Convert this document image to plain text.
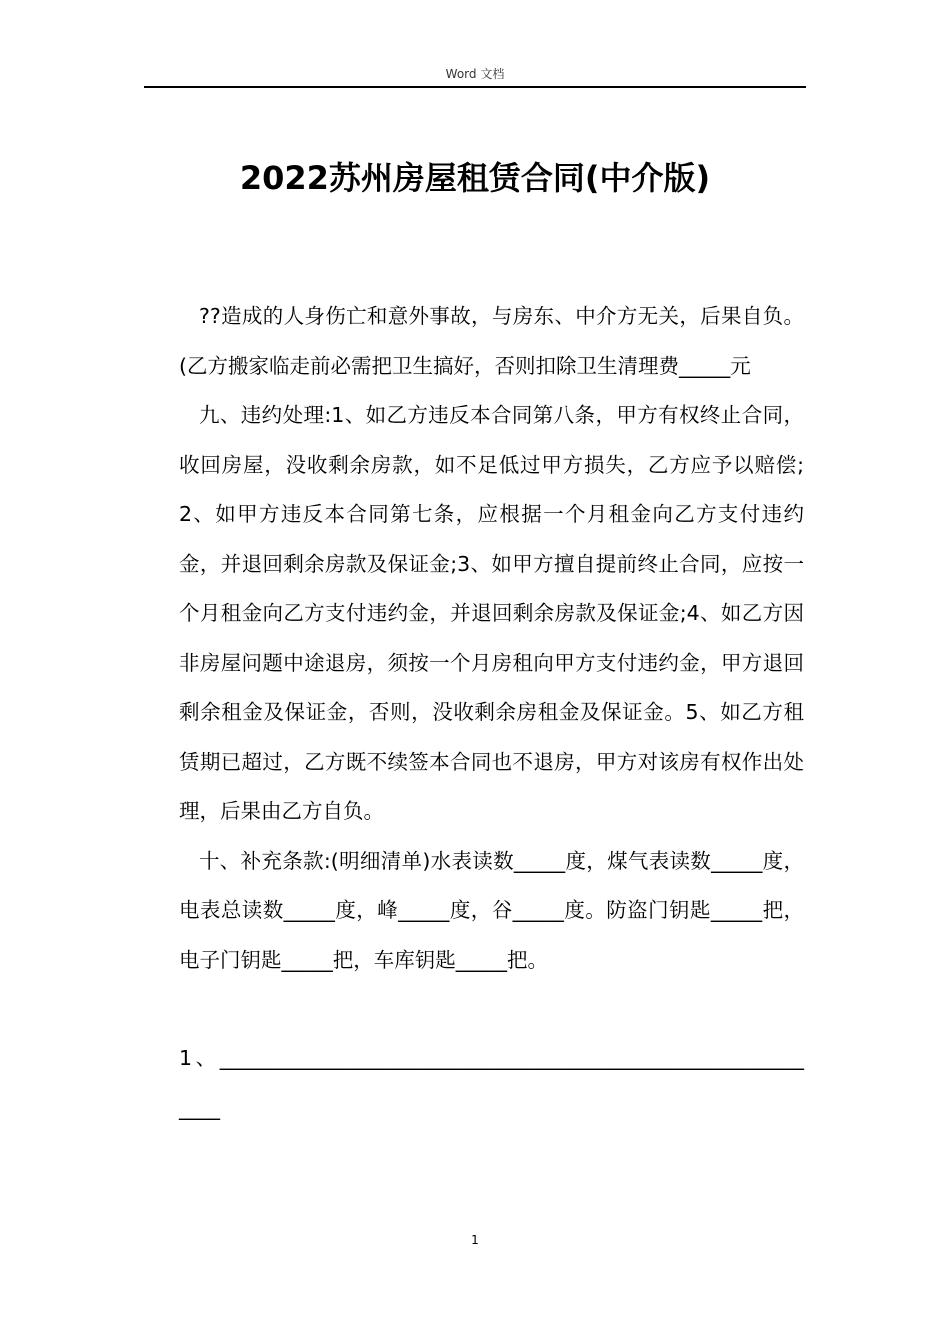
Word 文档
2022苏州房屋租赁合同(中介版)

??造成的人身伤亡和意外事故，与房东、中介方无关，后果自负。(乙方搬家临走前必需把卫生搞好，否则扣除卫生清理费_____元

九、违约处理:1、如乙方违反本合同第八条，甲方有权终止合同，收回房屋，没收剩余房款，如不足低过甲方损失，乙方应予以赔偿;2、如甲方违反本合同第七条，应根据一个月租金向乙方支付违约金，并退回剩余房款及保证金;3、如甲方擅自提前终止合同，应按一个月租金向乙方支付违约金，并退回剩余房款及保证金;4、如乙方因非房屋问题中途退房，须按一个月房租向甲方支付违约金，甲方退回剩余租金及保证金，否则，没收剩余房租金及保证金。5、如乙方租赁期已超过，乙方既不续签本合同也不退房，甲方对该房有权作出处理，后果由乙方自负。

十、补充条款:(明细清单)水表读数_____度，煤气表读数_____度，电表总读数_____度，峰_____度，谷_____度。防盗门钥匙_____把，电子门钥匙_____把，车库钥匙_____把。

1、_____________________________________________________________

1
